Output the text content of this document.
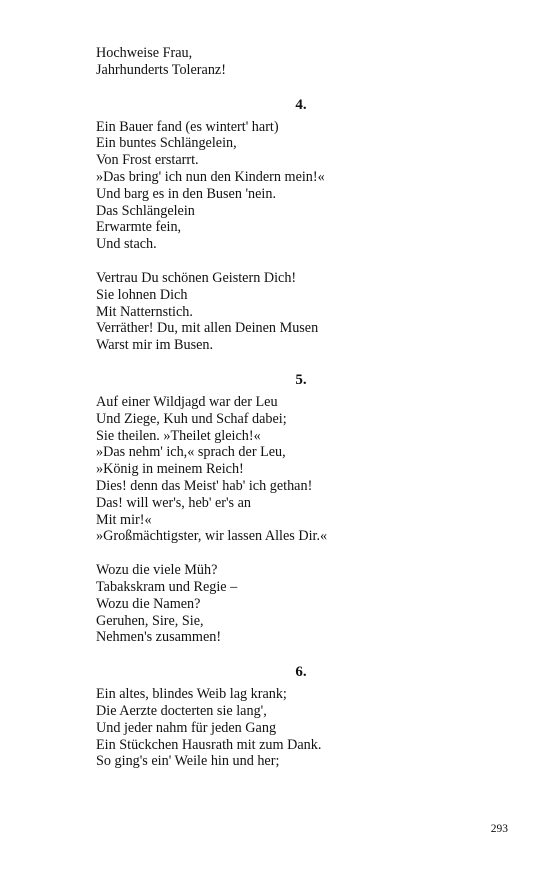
Hochweise Frau,
Jahrhunderts Toleranz!
4.
Ein Bauer fand (es wintert' hart)
Ein buntes Schlängelein,
Von Frost erstarrt.
»Das bring' ich nun den Kindern mein!«
Und barg es in den Busen 'nein.
Das Schlängelein
Erwarmte fein,
Und stach.
Vertrau Du schönen Geistern Dich!
Sie lohnen Dich
Mit Natternstich.
Verräther! Du, mit allen Deinen Musen
Warst mir im Busen.
5.
Auf einer Wildjagd war der Leu
Und Ziege, Kuh und Schaf dabei;
Sie theilen. »Theilet gleich!«
»Das nehm' ich,« sprach der Leu,
»König in meinem Reich!
Dies! denn das Meist' hab' ich gethan!
Das! will wer's, heb' er's an
Mit mir!«
»Großmächtigster, wir lassen Alles Dir.«
Wozu die viele Müh?
Tabakskram und Regie –
Wozu die Namen?
Geruhen, Sire, Sie,
Nehmen's zusammen!
6.
Ein altes, blindes Weib lag krank;
Die Aerzte docterten sie lang',
Und jeder nahm für jeden Gang
Ein Stückchen Hausrath mit zum Dank.
So ging's ein' Weile hin und her;
293
